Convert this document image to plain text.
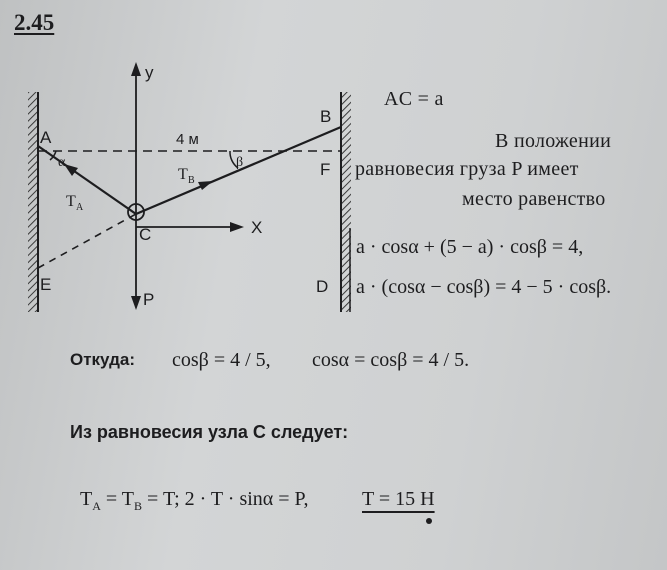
2.45
A
B
C
D
E
F
y
X
P
α	β
4 м
T A
T B
AC = a
В положении
равновесия груза P имеет
место равенство
a · cosα + (5 − a) · cosβ = 4,
a · (cosα − cosβ) = 4 − 5 · cosβ.
Откуда: cosβ = 4 / 5, cosα = cosβ = 4 / 5.
Из равновесия узла C следует:
$T_A = T_B = T$; 2 · T · sinα = P,	T = 15 H
